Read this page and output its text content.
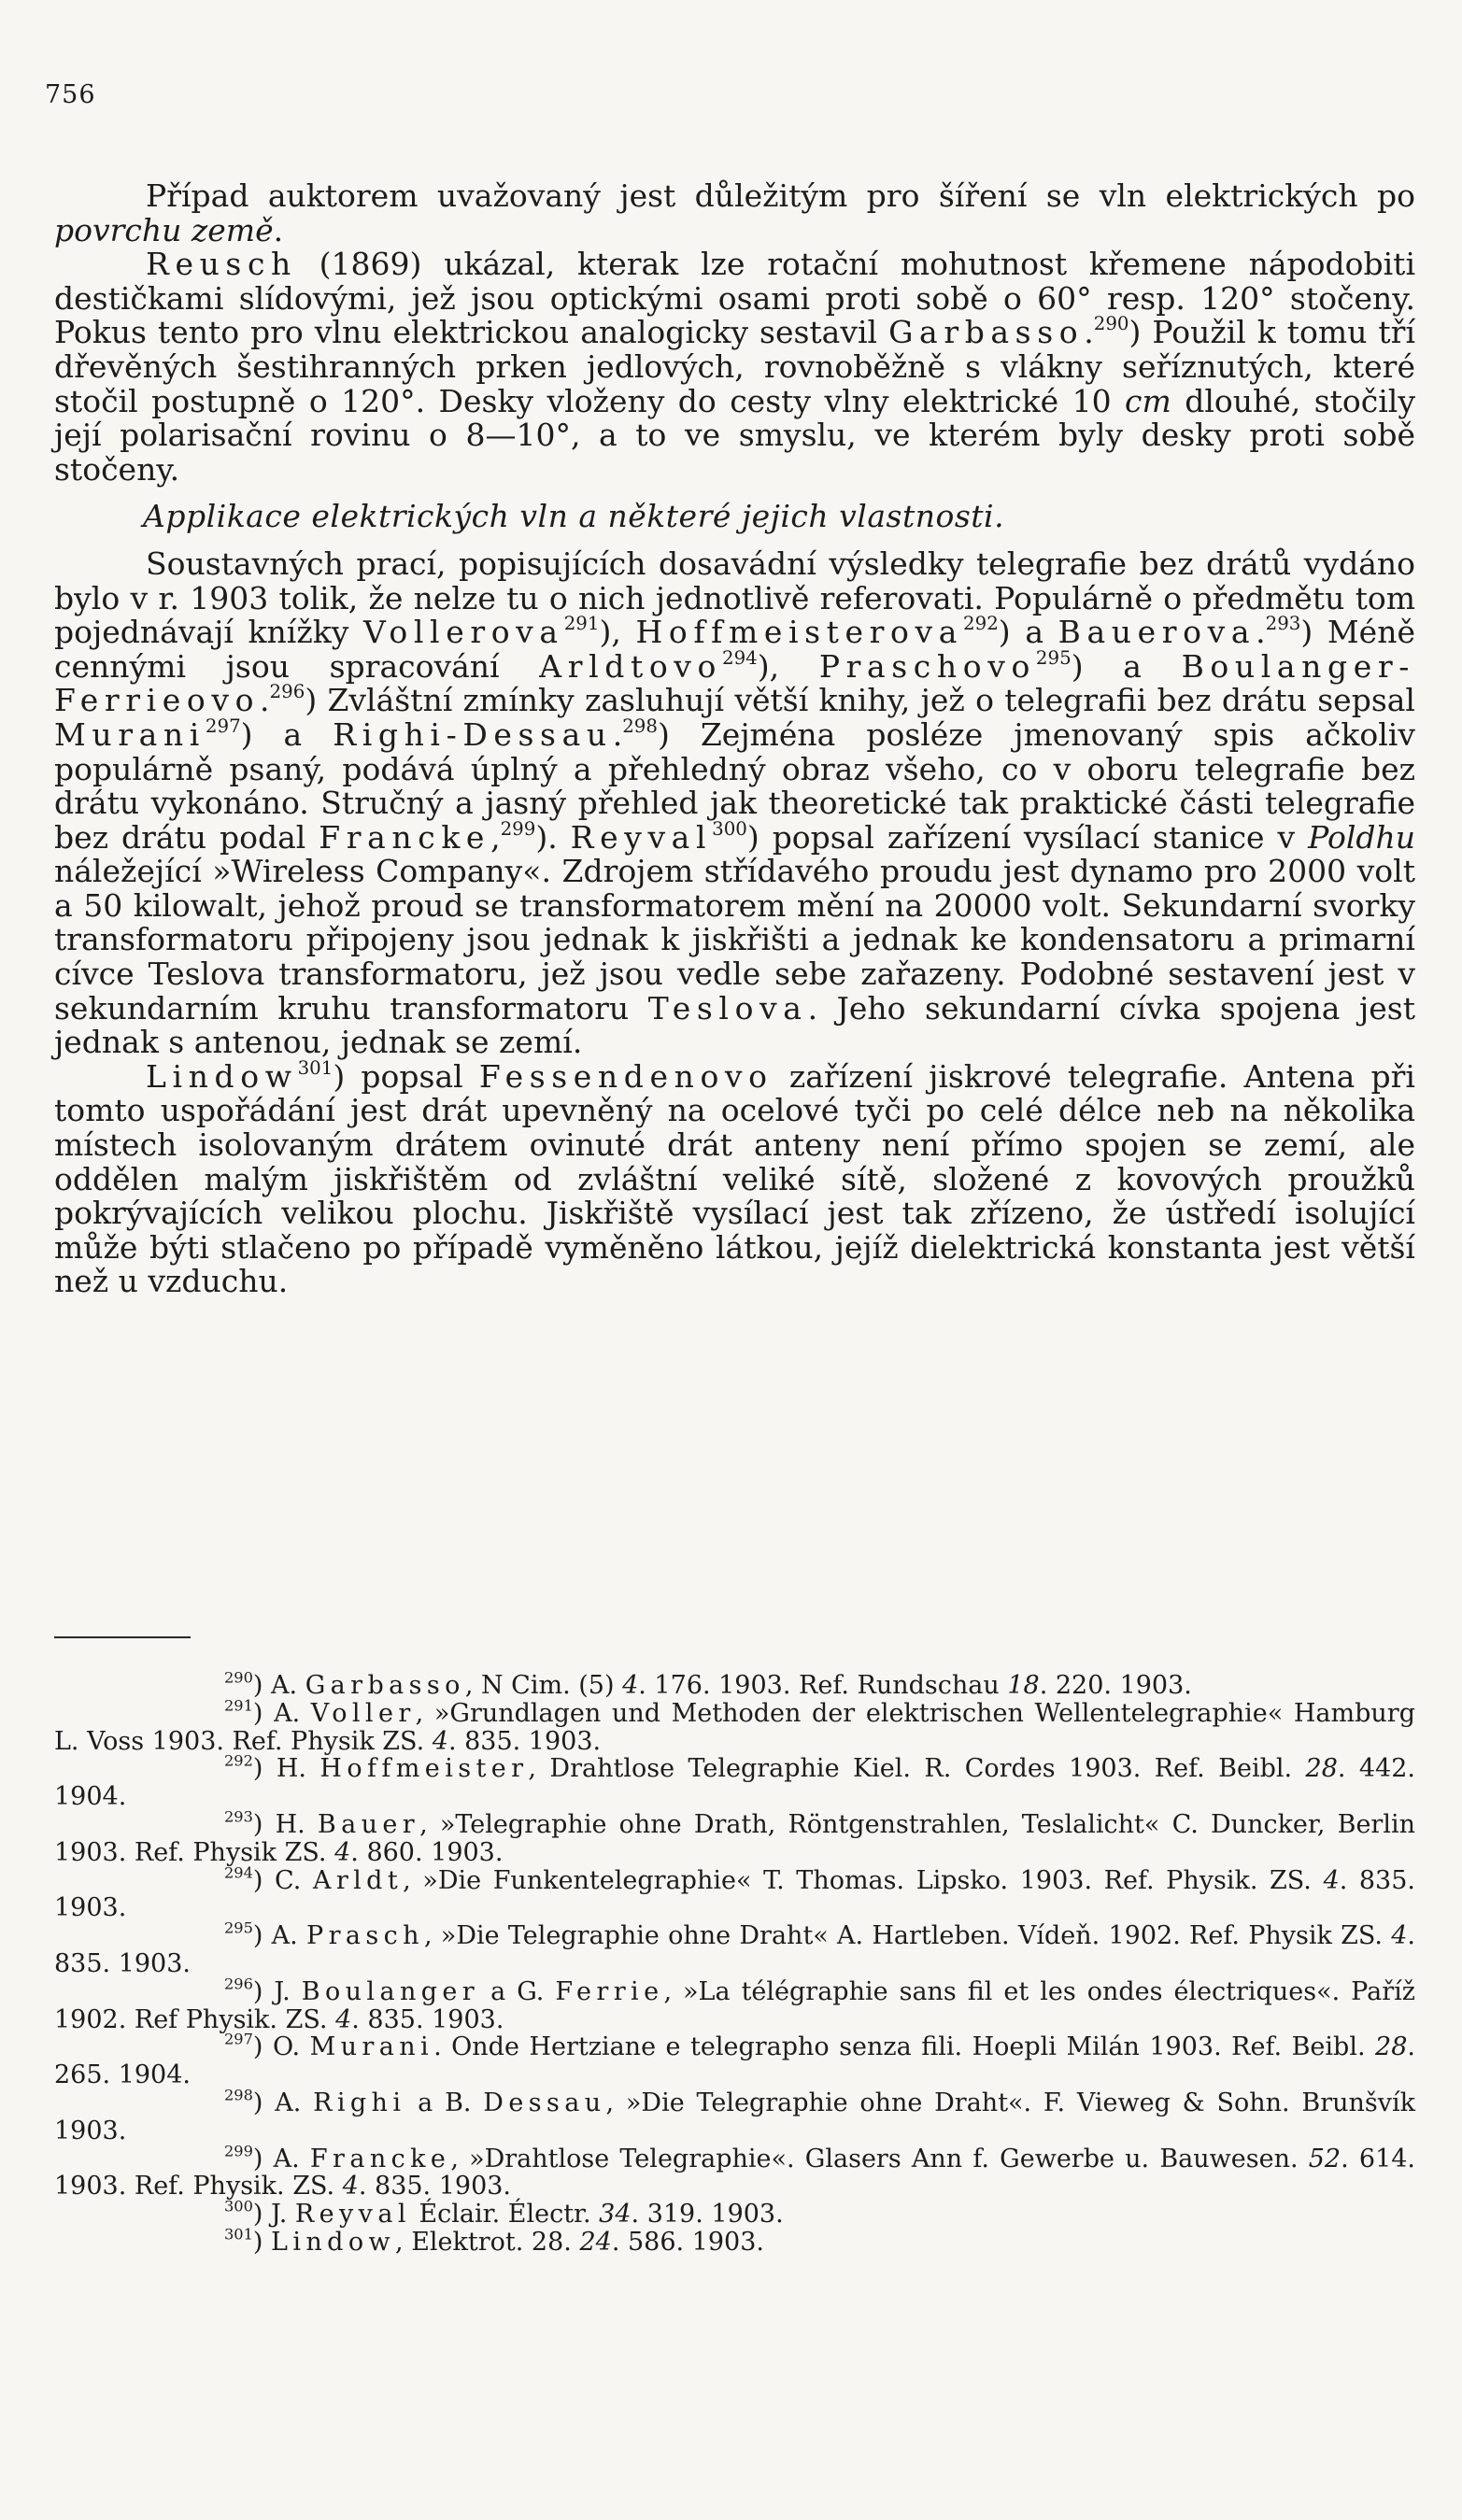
756

Případ auktorem uvažovaný jest důležitým pro šíření se vln elektrických po povrchu země.

Reusch (1869) ukázal, kterak lze rotační mohutnost křemene nápodobiti destičkami slídovými, jež jsou optickými osami proti sobě o 60° resp. 120° stočeny. Pokus tento pro vlnu elektrickou analogicky sestavil Garbasso.$^{290}$) Použil k tomu tří dřevěných šestihranných prken jedlových, rovnoběžně s vlákny seříznutých, které stočil postupně o 120°. Desky vloženy do cesty vlny elektrické 10 cm dlouhé, stočily její polarisační rovinu o 8—10°, a to ve smyslu, ve kterém byly desky proti sobě stočeny.

Applikace elektrických vln a některé jejich vlastnosti.

Soustavných prací, popisujících dosavádní výsledky telegrafie bez drátů vydáno bylo v r. 1903 tolik, že nelze tu o nich jednotlivě referovati. Populárně o předmětu tom pojednávají knížky Vollerova$^{291}$), Hoffmeisterova$^{292}$) a Bauerova.$^{293}$) Méně cennými jsou spracování Arldtovo$^{294}$), Praschovo$^{295}$) a Boulanger-Ferrieovo.$^{296}$) Zvláštní zmínky zasluhují větší knihy, jež o telegrafii bez drátu sepsal Murani$^{297}$) a Righi-Dessau.$^{298}$) Zejména posléze jmenovaný spis ačkoliv populárně psaný, podává úplný a přehledný obraz všeho, co v oboru telegrafie bez drátu vykonáno. Stručný a jasný přehled jak theoretické tak praktické části telegrafie bez drátu podal Francke,$^{299}$). Reyval$^{300}$) popsal zařízení vysílací stanice v Poldhu náležející »Wireless Company«. Zdrojem střídavého proudu jest dynamo pro 2000 volt a 50 kilowalt, jehož proud se transformatorem mění na 20000 volt. Sekundarní svorky transformatoru připojeny jsou jednak k jiskřišti a jednak ke kondensatoru a primarní cívce Teslova transformatoru, jež jsou vedle sebe zařazeny. Podobné sestavení jest v sekundarním kruhu transformatoru Teslova. Jeho sekundarní cívka spojena jest jednak s antenou, jednak se zemí.

Lindow$^{301}$) popsal Fessendenovo zařízení jiskrové telegrafie. Antena při tomto uspořádání jest drát upevněný na ocelové tyči po celé délce neb na několika místech isolovaným drátem ovinuté drát anteny není přímo spojen se zemí, ale oddělen malým jiskřištěm od zvláštní veliké sítě, složené z kovových proužků pokrývajících velikou plochu. Jiskřiště vysílací jest tak zřízeno, že ústředí isolující může býti stlačeno po případě vyměněno látkou, jejíž dielektrická konstanta jest větší než u vzduchu.

$^{290}$) A. Garbasso, N Cim. (5) 4. 176. 1903. Ref. Rundschau 18. 220. 1903.

$^{291}$) A. Voller, »Grundlagen und Methoden der elektrischen Wellentelegraphie« Hamburg L. Voss 1903. Ref. Physik ZS. 4. 835. 1903.

$^{292}$) H. Hoffmeister, Drahtlose Telegraphie Kiel. R. Cordes 1903. Ref. Beibl. 28. 442. 1904.

$^{293}$) H. Bauer, »Telegraphie ohne Drath, Röntgenstrahlen, Teslalicht« C. Duncker, Berlin 1903. Ref. Physik ZS. 4. 860. 1903.

$^{294}$) C. Arldt, »Die Funkentelegraphie« T. Thomas. Lipsko. 1903. Ref. Physik. ZS. 4. 835. 1903.

$^{295}$) A. Prasch, »Die Telegraphie ohne Draht« A. Hartleben. Vídeň. 1902. Ref. Physik ZS. 4. 835. 1903.

$^{296}$) J. Boulanger a G. Ferrie, »La télégraphie sans fil et les ondes électriques«. Paříž 1902. Ref Physik. ZS. 4. 835. 1903.

$^{297}$) O. Murani. Onde Hertziane e telegrapho senza fili. Hoepli Milán 1903. Ref. Beibl. 28. 265. 1904.

$^{298}$) A. Righi a B. Dessau, »Die Telegraphie ohne Draht«. F. Vieweg & Sohn. Brunšvík 1903.

$^{299}$) A. Francke, »Drahtlose Telegraphie«. Glasers Ann f. Gewerbe u. Bauwesen. 52. 614. 1903. Ref. Physik. ZS. 4. 835. 1903.

$^{300}$) J. Reyval Éclair. Électr. 34. 319. 1903.

$^{301}$) Lindow, Elektrot. 28. 24. 586. 1903.
